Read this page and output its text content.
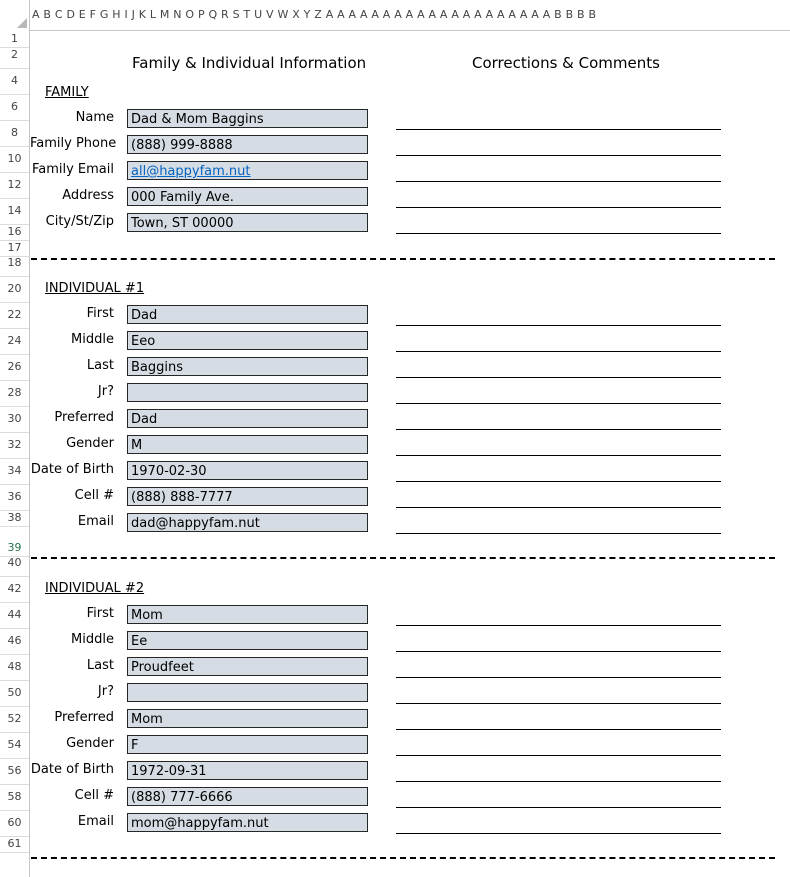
A B C D E F G H I J K L M N O P Q R S T U V W X Y Z A A A A A A A A A A A A A A A A A A A A B B B B
1
2
4
6
8
10
12
14
16
17
18
20
22
24
26
28
30
32
34
36
38
39
40
42
44
46
48
50
52
54
56
58
60
61
Family & Individual Information	Corrections & Comments
FAMILY
Name	Dad & Mom Baggins
Family Phone	(888) 999-8888
Family Email	all@happyfam.nut
Address	000 Family Ave.
City/St/Zip	Town, ST 00000
INDIVIDUAL #1
First	Dad
Middle	Eeo
Last	Baggins
Jr?
Preferred	Dad
Gender	M
Date of Birth	1970-02-30
Cell #	(888) 888-7777
Email	dad@happyfam.nut
INDIVIDUAL #2
First	Mom
Middle	Ee
Last	Proudfeet
Jr?
Preferred	Mom
Gender	F
Date of Birth	1972-09-31
Cell #	(888) 777-6666
Email	mom@happyfam.nut
